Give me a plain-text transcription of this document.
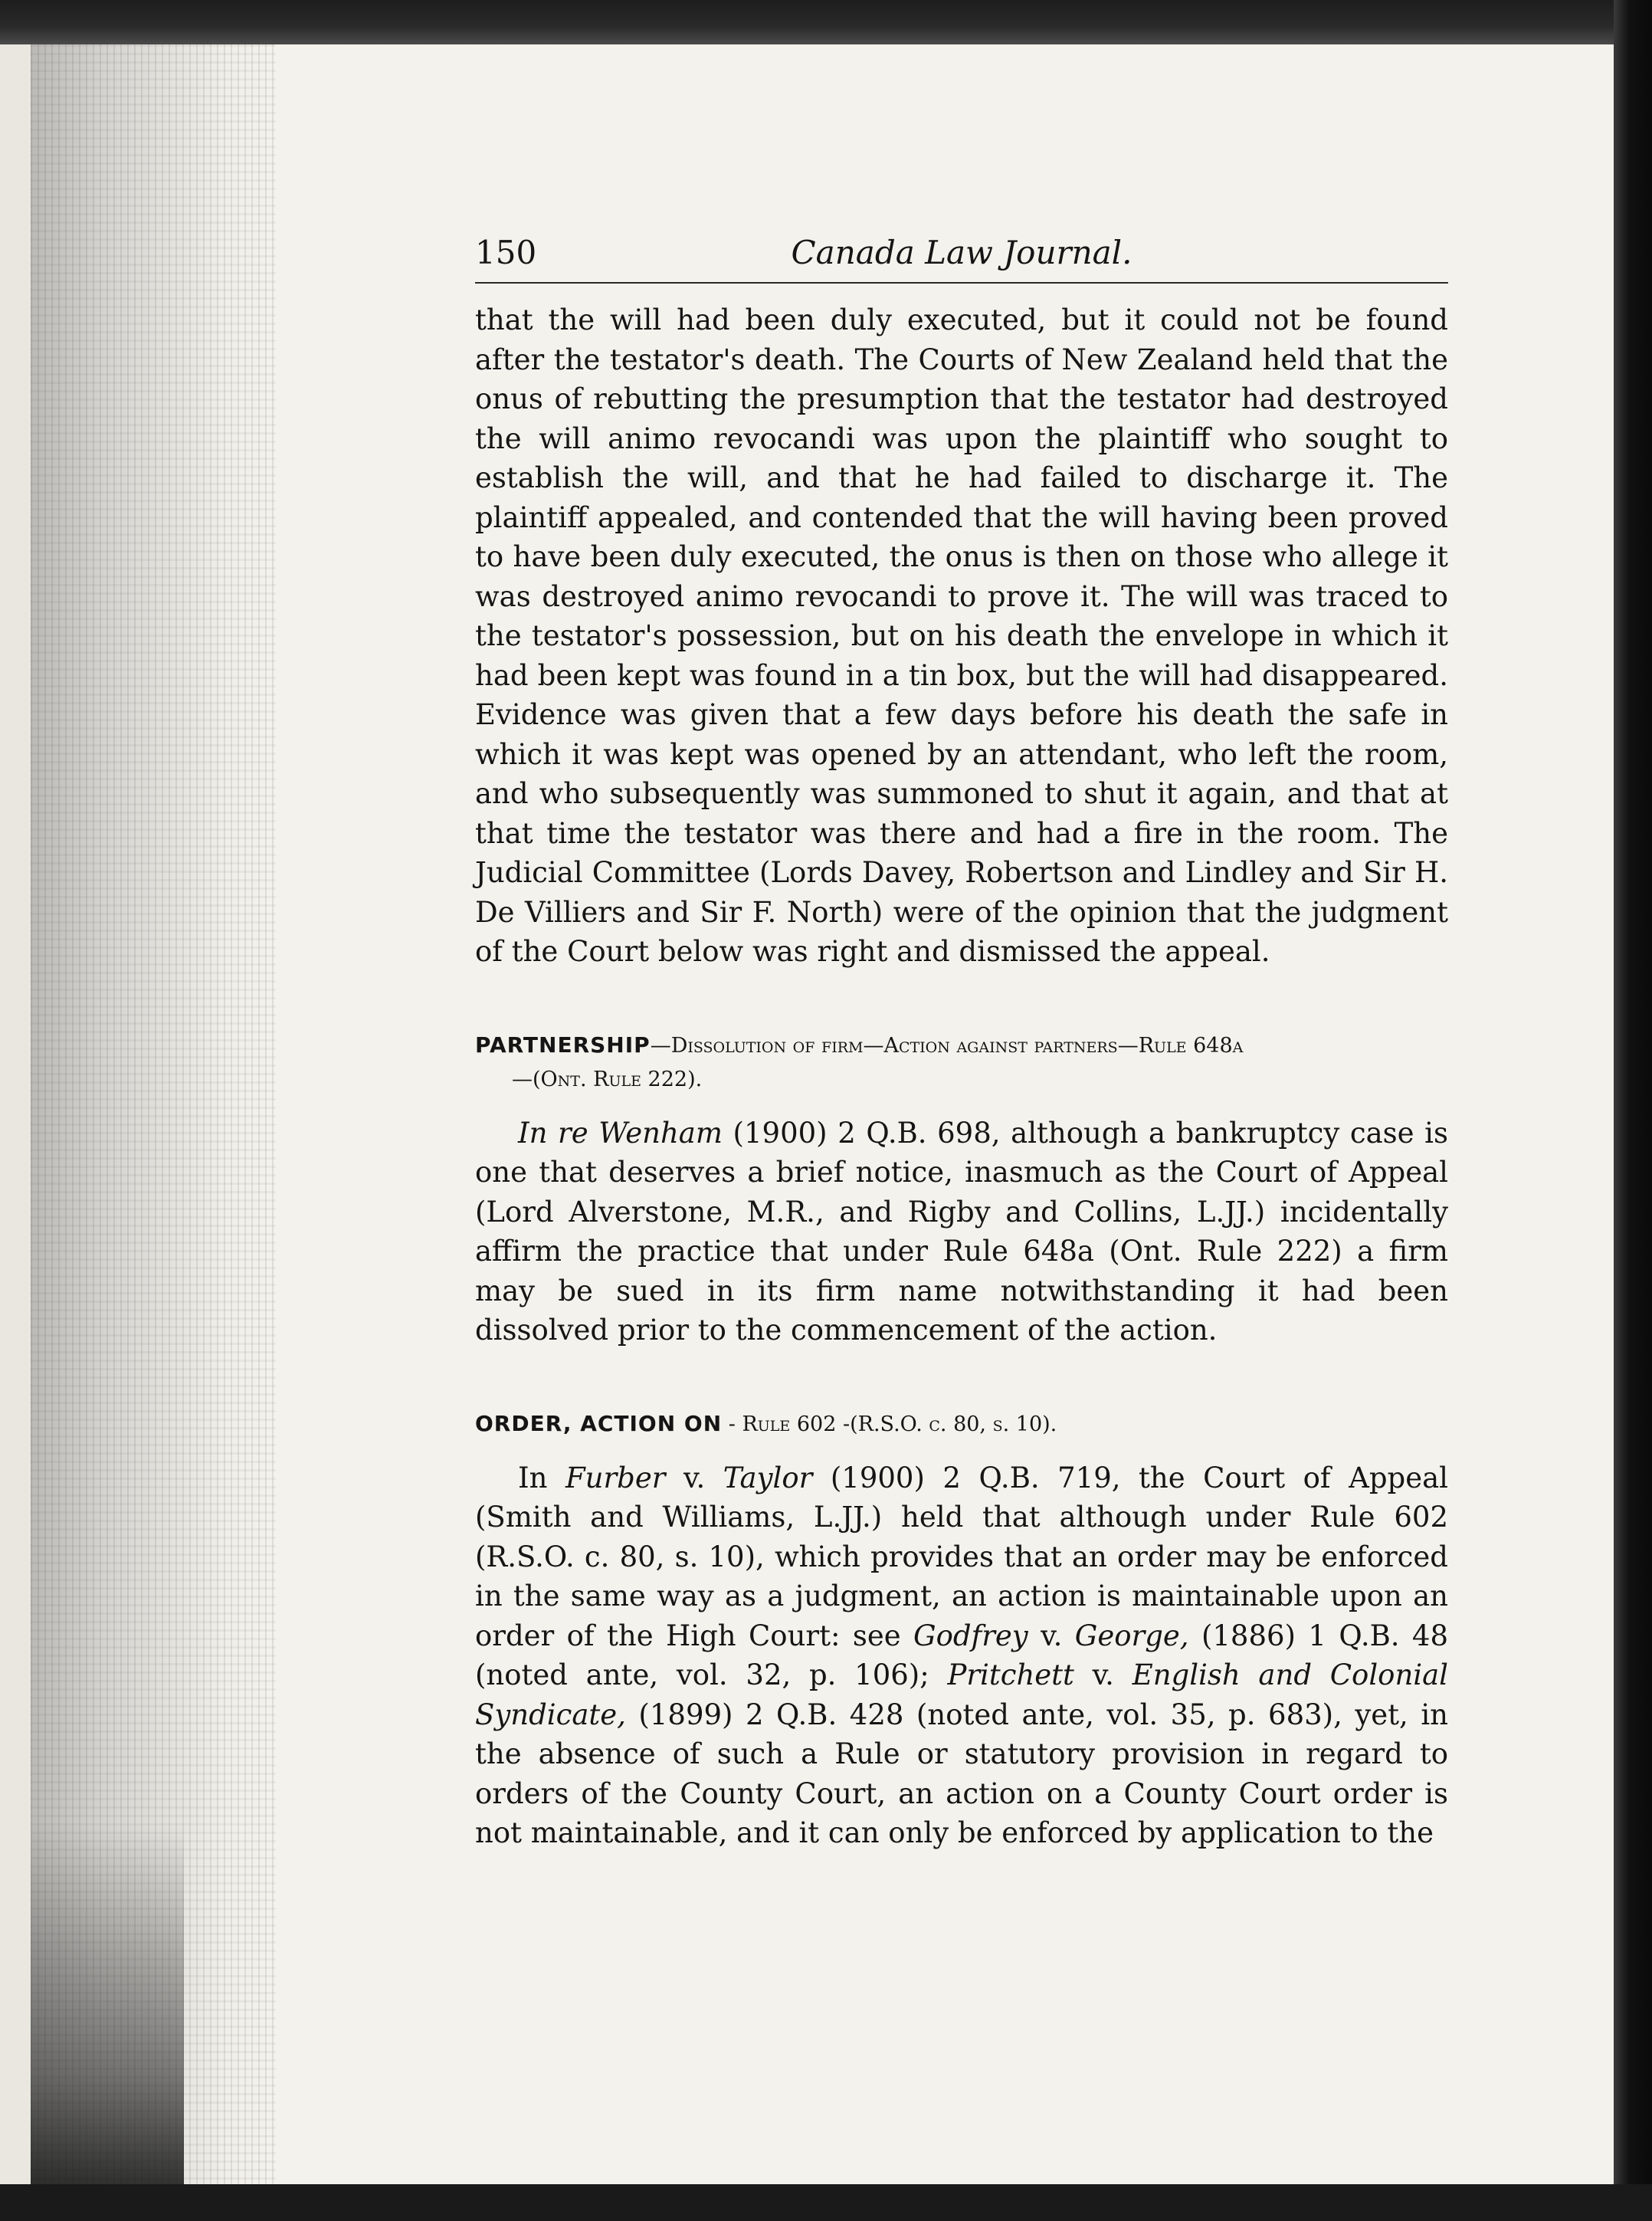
150	Canada Law Journal.

that the will had been duly executed, but it could not be found after the testator's death. The Courts of New Zealand held that the onus of rebutting the presumption that the testator had destroyed the will animo revocandi was upon the plaintiff who sought to establish the will, and that he had failed to discharge it. The plaintiff appealed, and contended that the will having been proved to have been duly executed, the onus is then on those who allege it was destroyed animo revocandi to prove it. The will was traced to the testator's possession, but on his death the envelope in which it had been kept was found in a tin box, but the will had disappeared. Evidence was given that a few days before his death the safe in which it was kept was opened by an attendant, who left the room, and who subsequently was summoned to shut it again, and that at that time the testator was there and had a fire in the room. The Judicial Committee (Lords Davey, Robertson and Lindley and Sir H. De Villiers and Sir F. North) were of the opinion that the judgment of the Court below was right and dismissed the appeal.

PARTNERSHIP—Dissolution of firm—Action against partners—Rule 648a
—(Ont. Rule 222).

In re Wenham (1900) 2 Q.B. 698, although a bankruptcy case is one that deserves a brief notice, inasmuch as the Court of Appeal (Lord Alverstone, M.R., and Rigby and Collins, L.JJ.) incidentally affirm the practice that under Rule 648a (Ont. Rule 222) a firm may be sued in its firm name notwithstanding it had been dissolved prior to the commencement of the action.

ORDER, ACTION ON - Rule 602 -(R.S.O. c. 80, s. 10).

In Furber v. Taylor (1900) 2 Q.B. 719, the Court of Appeal (Smith and Williams, L.JJ.) held that although under Rule 602 (R.S.O. c. 80, s. 10), which provides that an order may be enforced in the same way as a judgment, an action is maintainable upon an order of the High Court: see Godfrey v. George, (1886) 1 Q.B. 48 (noted ante, vol. 32, p. 106); Pritchett v. English and Colonial Syndicate, (1899) 2 Q.B. 428 (noted ante, vol. 35, p. 683), yet, in the absence of such a Rule or statutory provision in regard to orders of the County Court, an action on a County Court order is not maintainable, and it can only be enforced by application to the
